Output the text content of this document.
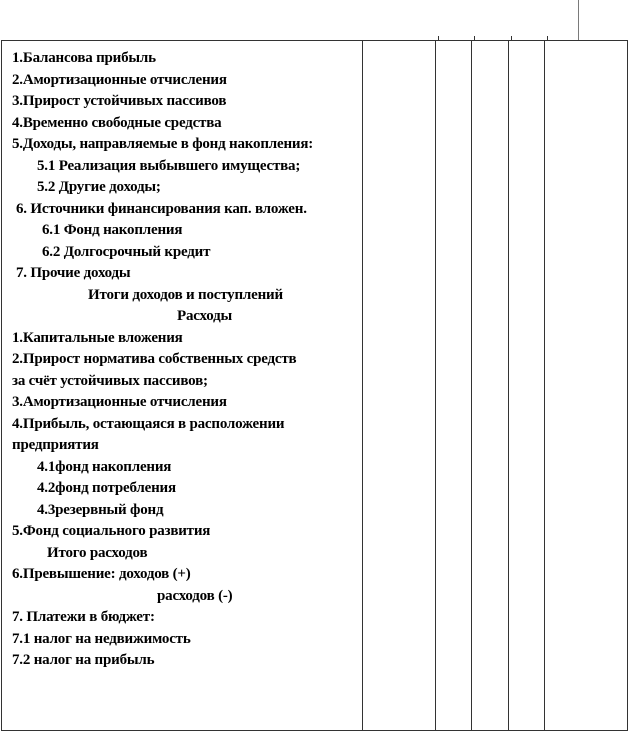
1.Балансова прибыль
2.Амортизационные отчисления
3.Прирост устойчивых пассивов
4.Временно свободные средства
5.Доходы, направляемые в фонд накопления:
5.1 Реализация выбывшего имущества;
5.2 Другие доходы;
6. Источники финансирования кап. вложен.
6.1 Фонд накопления
6.2 Долгосрочный кредит
7. Прочие доходы
Итоги доходов и поступлений
Расходы
1.Капитальные вложения
2.Прирост норматива собственных средств
за счёт устойчивых пассивов;
3.Амортизационные отчисления
4.Прибыль, остающаяся в расположении
предприятия
4.1фонд накопления
4.2фонд потребления
4.3резервный фонд
5.Фонд социального развития
Итого расходов
6.Превышение: доходов (+)
расходов (-)
7. Платежи в бюджет:
7.1 налог на недвижимость
7.2 налог на прибыль
